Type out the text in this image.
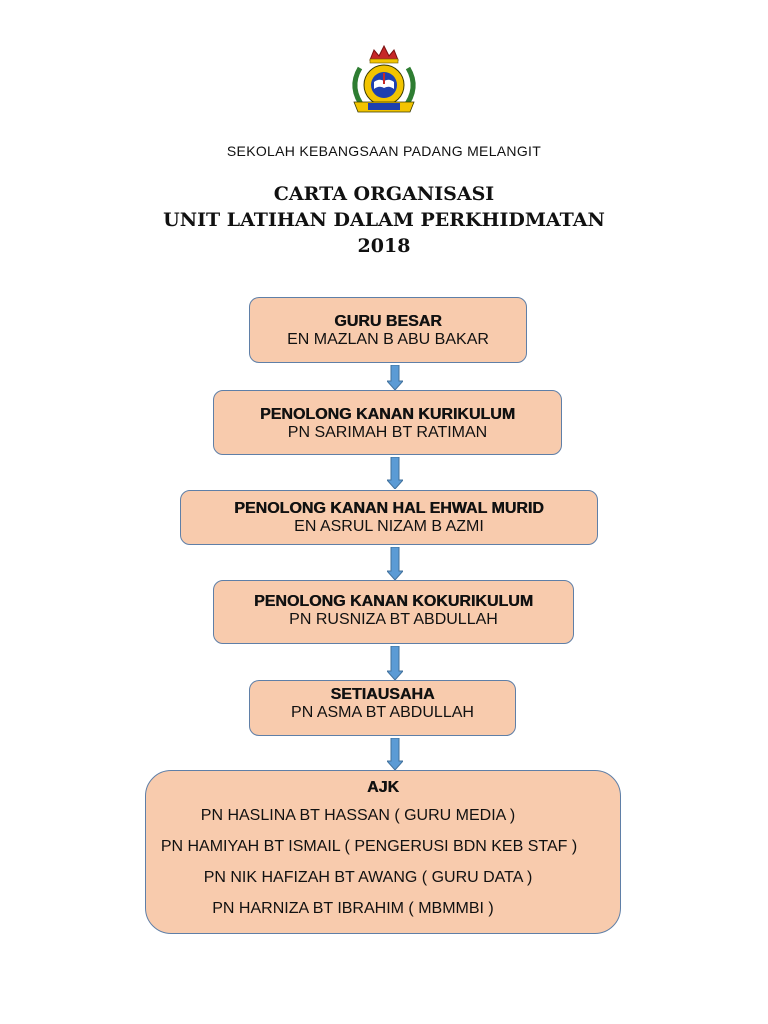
SEKOLAH KEBANGSAAN PADANG MELANGIT
CARTA ORGANISASI
UNIT LATIHAN DALAM PERKHIDMATAN
2018
GURU BESAR
EN MAZLAN B ABU BAKAR
PENOLONG KANAN KURIKULUM
PN SARIMAH BT RATIMAN
PENOLONG KANAN HAL EHWAL MURID
EN ASRUL NIZAM B AZMI
PENOLONG KANAN KOKURIKULUM
PN RUSNIZA BT ABDULLAH
SETIAUSAHA
PN ASMA BT ABDULLAH
AJK
PN HASLINA BT HASSAN ( GURU MEDIA )
PN HAMIYAH BT ISMAIL ( PENGERUSI BDN KEB STAF )
PN NIK HAFIZAH BT AWANG ( GURU DATA )
PN HARNIZA BT IBRAHIM ( MBMMBI )
